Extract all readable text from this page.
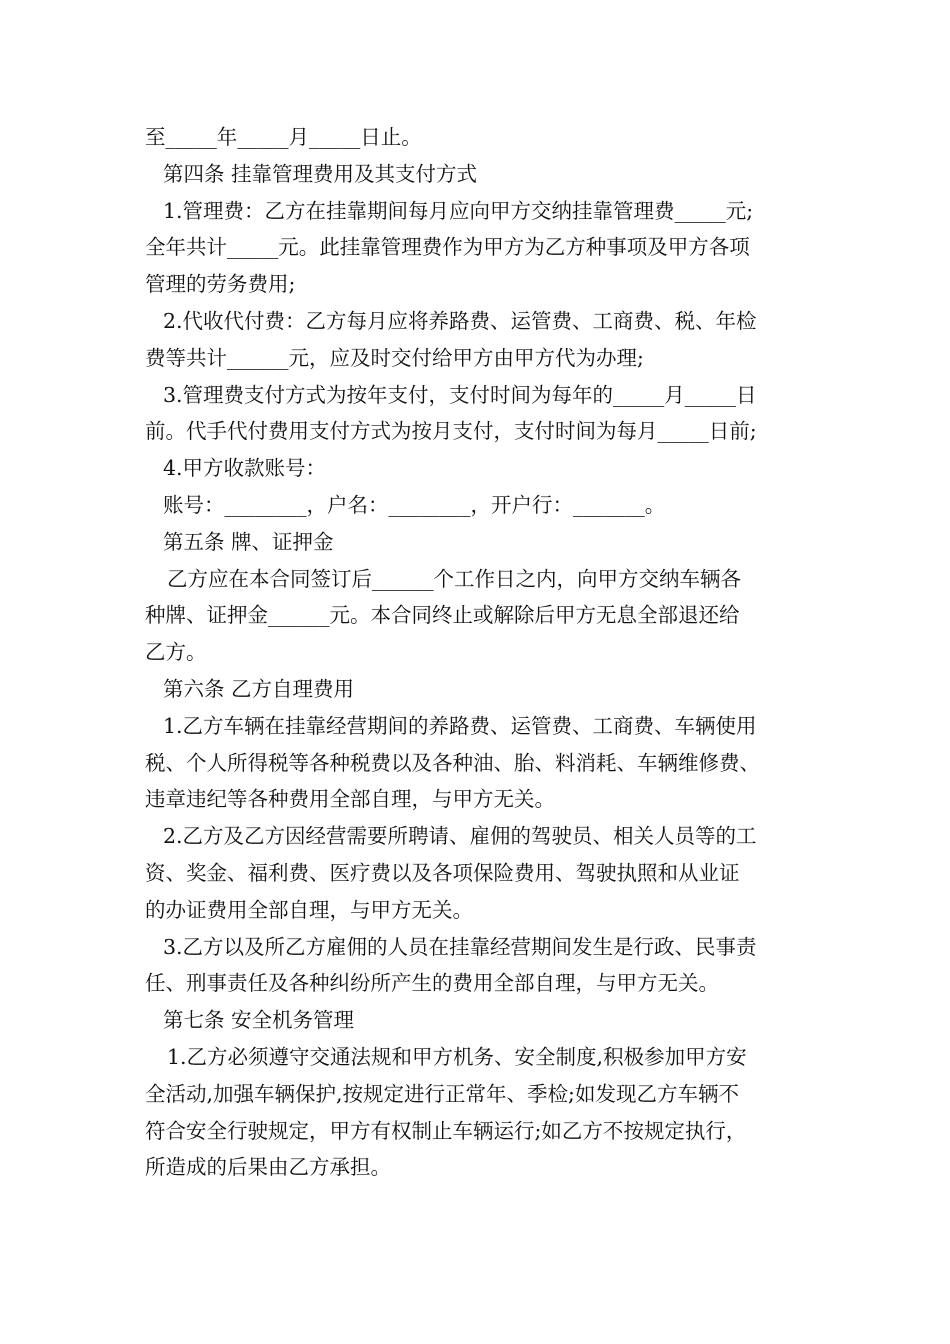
至_____年_____月_____日止。
第四条 挂靠管理费用及其支付方式
1.管理费：乙方在挂靠期间每月应向甲方交纳挂靠管理费_____元;
全年共计_____元。此挂靠管理费作为甲方为乙方种事项及甲方各项
管理的劳务费用;
2.代收代付费：乙方每月应将养路费、运管费、工商费、税、年检
费等共计______元，应及时交付给甲方由甲方代为办理;
3.管理费支付方式为按年支付，支付时间为每年的_____月_____日
前。代手代付费用支付方式为按月支付，支付时间为每月_____日前;
4.甲方收款账号：
账号：________，户名：________，开户行：_______。
第五条 牌、证押金
乙方应在本合同签订后______个工作日之内，向甲方交纳车辆各
种牌、证押金______元。本合同终止或解除后甲方无息全部退还给
乙方。
第六条 乙方自理费用
1.乙方车辆在挂靠经营期间的养路费、运管费、工商费、车辆使用
税、个人所得税等各种税费以及各种油、胎、料消耗、车辆维修费、
违章违纪等各种费用全部自理，与甲方无关。
2.乙方及乙方因经营需要所聘请、雇佣的驾驶员、相关人员等的工
资、奖金、福利费、医疗费以及各项保险费用、驾驶执照和从业证
的办证费用全部自理，与甲方无关。
3.乙方以及所乙方雇佣的人员在挂靠经营期间发生是行政、民事责
任、刑事责任及各种纠纷所产生的费用全部自理，与甲方无关。
第七条 安全机务管理
1.乙方必须遵守交通法规和甲方机务、安全制度,积极参加甲方安
全活动,加强车辆保护,按规定进行正常年、季检;如发现乙方车辆不
符合安全行驶规定，甲方有权制止车辆运行;如乙方不按规定执行，
所造成的后果由乙方承担。
